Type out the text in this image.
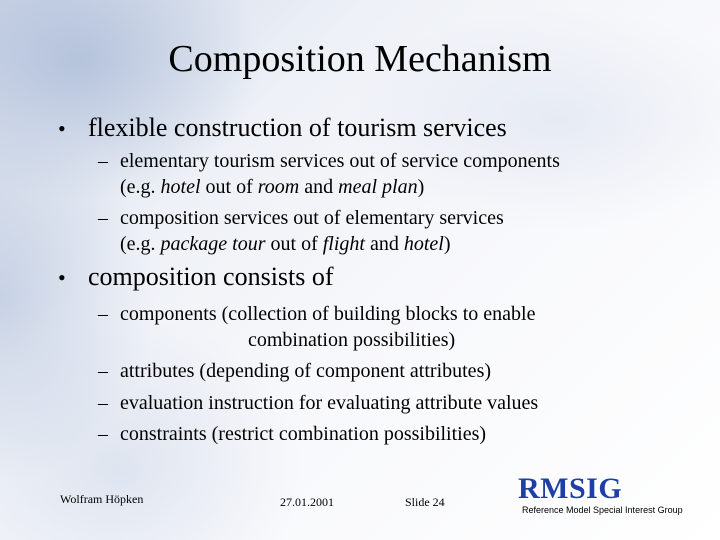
Composition Mechanism
• flexible construction of tourism services
– elementary tourism services out of service components
(e.g. hotel out of room and meal plan)
– composition services out of elementary services
(e.g. package tour out of flight and hotel)
• composition consists of
– components (collection of building blocks to enable
combination possibilities)
– attributes (depending of component attributes)
– evaluation instruction for evaluating attribute values
– constraints (restrict combination possibilities)
Wolfram Höpken	27.01.2001	Slide 24 RMSIG
Reference Model Special Interest Group
